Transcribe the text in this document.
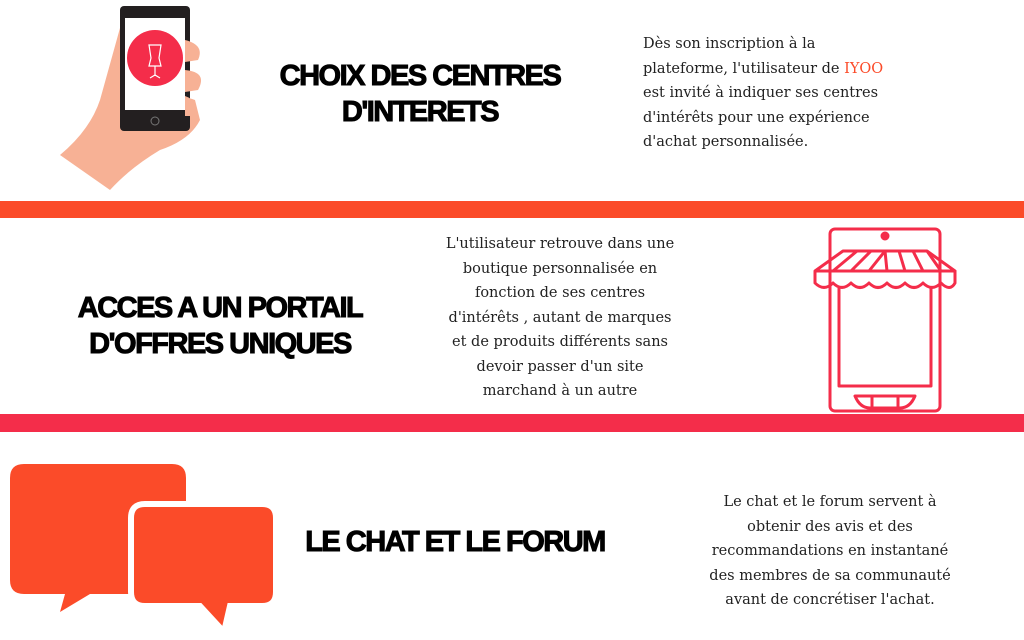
CHOIX DES CENTRES
D'INTERETS
Dès son inscription à la
plateforme, l'utilisateur de IYOO
est invité à indiquer ses centres
d'intérêts pour une expérience
d'achat personnalisée.
ACCES A UN PORTAIL
D'OFFRES UNIQUES
L'utilisateur retrouve dans une
boutique personnalisée en
fonction de ses centres
d'intérêts , autant de marques
et de produits différents sans
devoir passer d'un site
marchand à un autre
LE CHAT ET LE FORUM
Le chat et le forum servent à
obtenir des avis et des
recommandations en instantané
des membres de sa communauté
avant de concrétiser l'achat.
